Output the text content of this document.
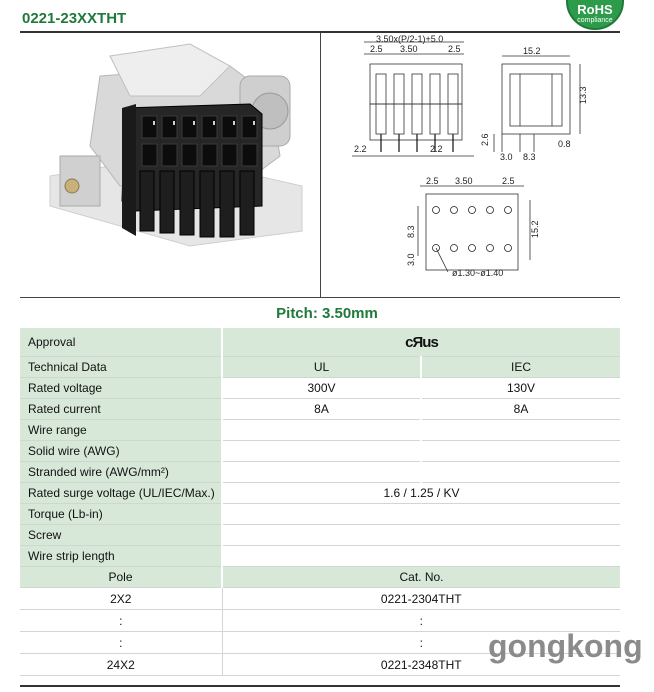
0221-23XXTHT
RoHS
compliance
3.50x(P/2-1)+5.0
2.5 3.50	2.5	15.2
13.3
2.2	2.2
2.6
3.0 8.3
0.8
2.5 3.50	2.5
8.3	15.2
3.0
ø1.30~ø1.40
Pitch: 3.50mm
Approval	cЯus	
Technical Data	UL	IEC
Rated voltage	300V	130V
Rated current	8A	8A
Wire range		
Solid wire (AWG)		
Stranded wire (AWG/mm²)		
Rated surge voltage (UL/IEC/Max.)	1.6 / 1.25 / KV	
Torque (Lb-in)		
Screw		
Wire strip length		
Pole	Cat. No.	
2X2	0221-2304THT	
:	:	
:	:	
24X2	0221-2348THT	
gongkong
